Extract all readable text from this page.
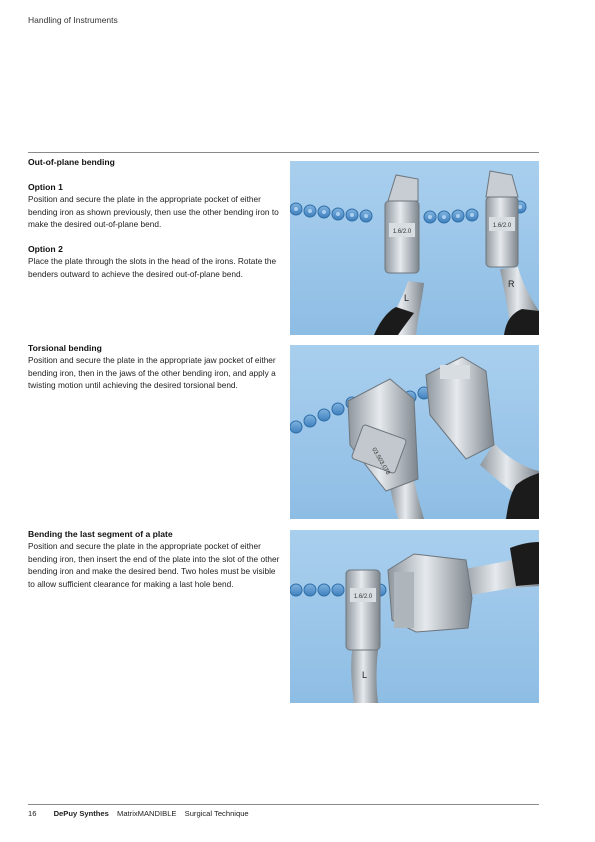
Handling of Instruments
Out-of-plane bending
Option 1

Position and secure the plate in the appropriate pocket of either bending iron as shown previously, then use the other bending iron to make the desired out-of-plane bend.

Option 2

Place the plate through the slots in the head of the irons. Rotate the benders outward to achieve the desired out-of-plane bend.

Torsional bending

Position and secure the plate in the appropriate jaw pocket of either bending iron, then in the jaws of the other bending iron, and apply a twisting motion until achieving the desired torsional bend.

Bending the last segment of a plate

Position and secure the plate in the appropriate pocket of either bending iron, then insert the end of the plate into the slot of the other bending iron and make the desired bend. Two holes must be visible to allow sufficient clearance for making a last hole bend.

1.6/2.0
L
1.6/2.0
R
03.503.078
1.6/2.0
L
16 DePuy Synthes MatrixMANDIBLE Surgical Technique
